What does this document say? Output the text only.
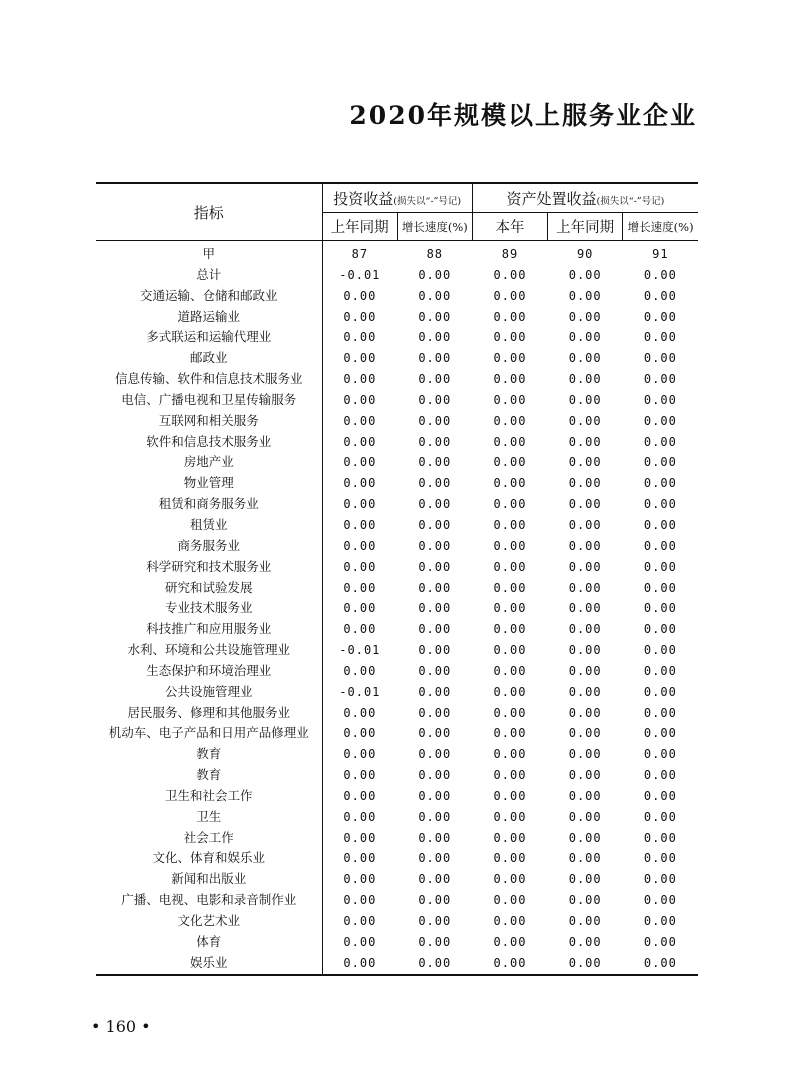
2020年规模以上服务业企业
指标	投资收益(损失以“-”号记)		资产处置收益(损失以“-”号记)		
	上年同期	增长速度(%)	本年	上年同期	增长速度(%)
甲	87	88	89	90	91
总计	-0.01	0.00	0.00	0.00	0.00
交通运输、仓储和邮政业	0.00	0.00	0.00	0.00	0.00
道路运输业	0.00	0.00	0.00	0.00	0.00
多式联运和运输代理业	0.00	0.00	0.00	0.00	0.00
邮政业	0.00	0.00	0.00	0.00	0.00
信息传输、软件和信息技术服务业	0.00	0.00	0.00	0.00	0.00
电信、广播电视和卫星传输服务	0.00	0.00	0.00	0.00	0.00
互联网和相关服务	0.00	0.00	0.00	0.00	0.00
软件和信息技术服务业	0.00	0.00	0.00	0.00	0.00
房地产业	0.00	0.00	0.00	0.00	0.00
物业管理	0.00	0.00	0.00	0.00	0.00
租赁和商务服务业	0.00	0.00	0.00	0.00	0.00
租赁业	0.00	0.00	0.00	0.00	0.00
商务服务业	0.00	0.00	0.00	0.00	0.00
科学研究和技术服务业	0.00	0.00	0.00	0.00	0.00
研究和试验发展	0.00	0.00	0.00	0.00	0.00
专业技术服务业	0.00	0.00	0.00	0.00	0.00
科技推广和应用服务业	0.00	0.00	0.00	0.00	0.00
水利、环境和公共设施管理业	-0.01	0.00	0.00	0.00	0.00
生态保护和环境治理业	0.00	0.00	0.00	0.00	0.00
公共设施管理业	-0.01	0.00	0.00	0.00	0.00
居民服务、修理和其他服务业	0.00	0.00	0.00	0.00	0.00
机动车、电子产品和日用产品修理业	0.00	0.00	0.00	0.00	0.00
教育	0.00	0.00	0.00	0.00	0.00
教育	0.00	0.00	0.00	0.00	0.00
卫生和社会工作	0.00	0.00	0.00	0.00	0.00
卫生	0.00	0.00	0.00	0.00	0.00
社会工作	0.00	0.00	0.00	0.00	0.00
文化、体育和娱乐业	0.00	0.00	0.00	0.00	0.00
新闻和出版业	0.00	0.00	0.00	0.00	0.00
广播、电视、电影和录音制作业	0.00	0.00	0.00	0.00	0.00
文化艺术业	0.00	0.00	0.00	0.00	0.00
体育	0.00	0.00	0.00	0.00	0.00
娱乐业	0.00	0.00	0.00	0.00	0.00
• 160 •
